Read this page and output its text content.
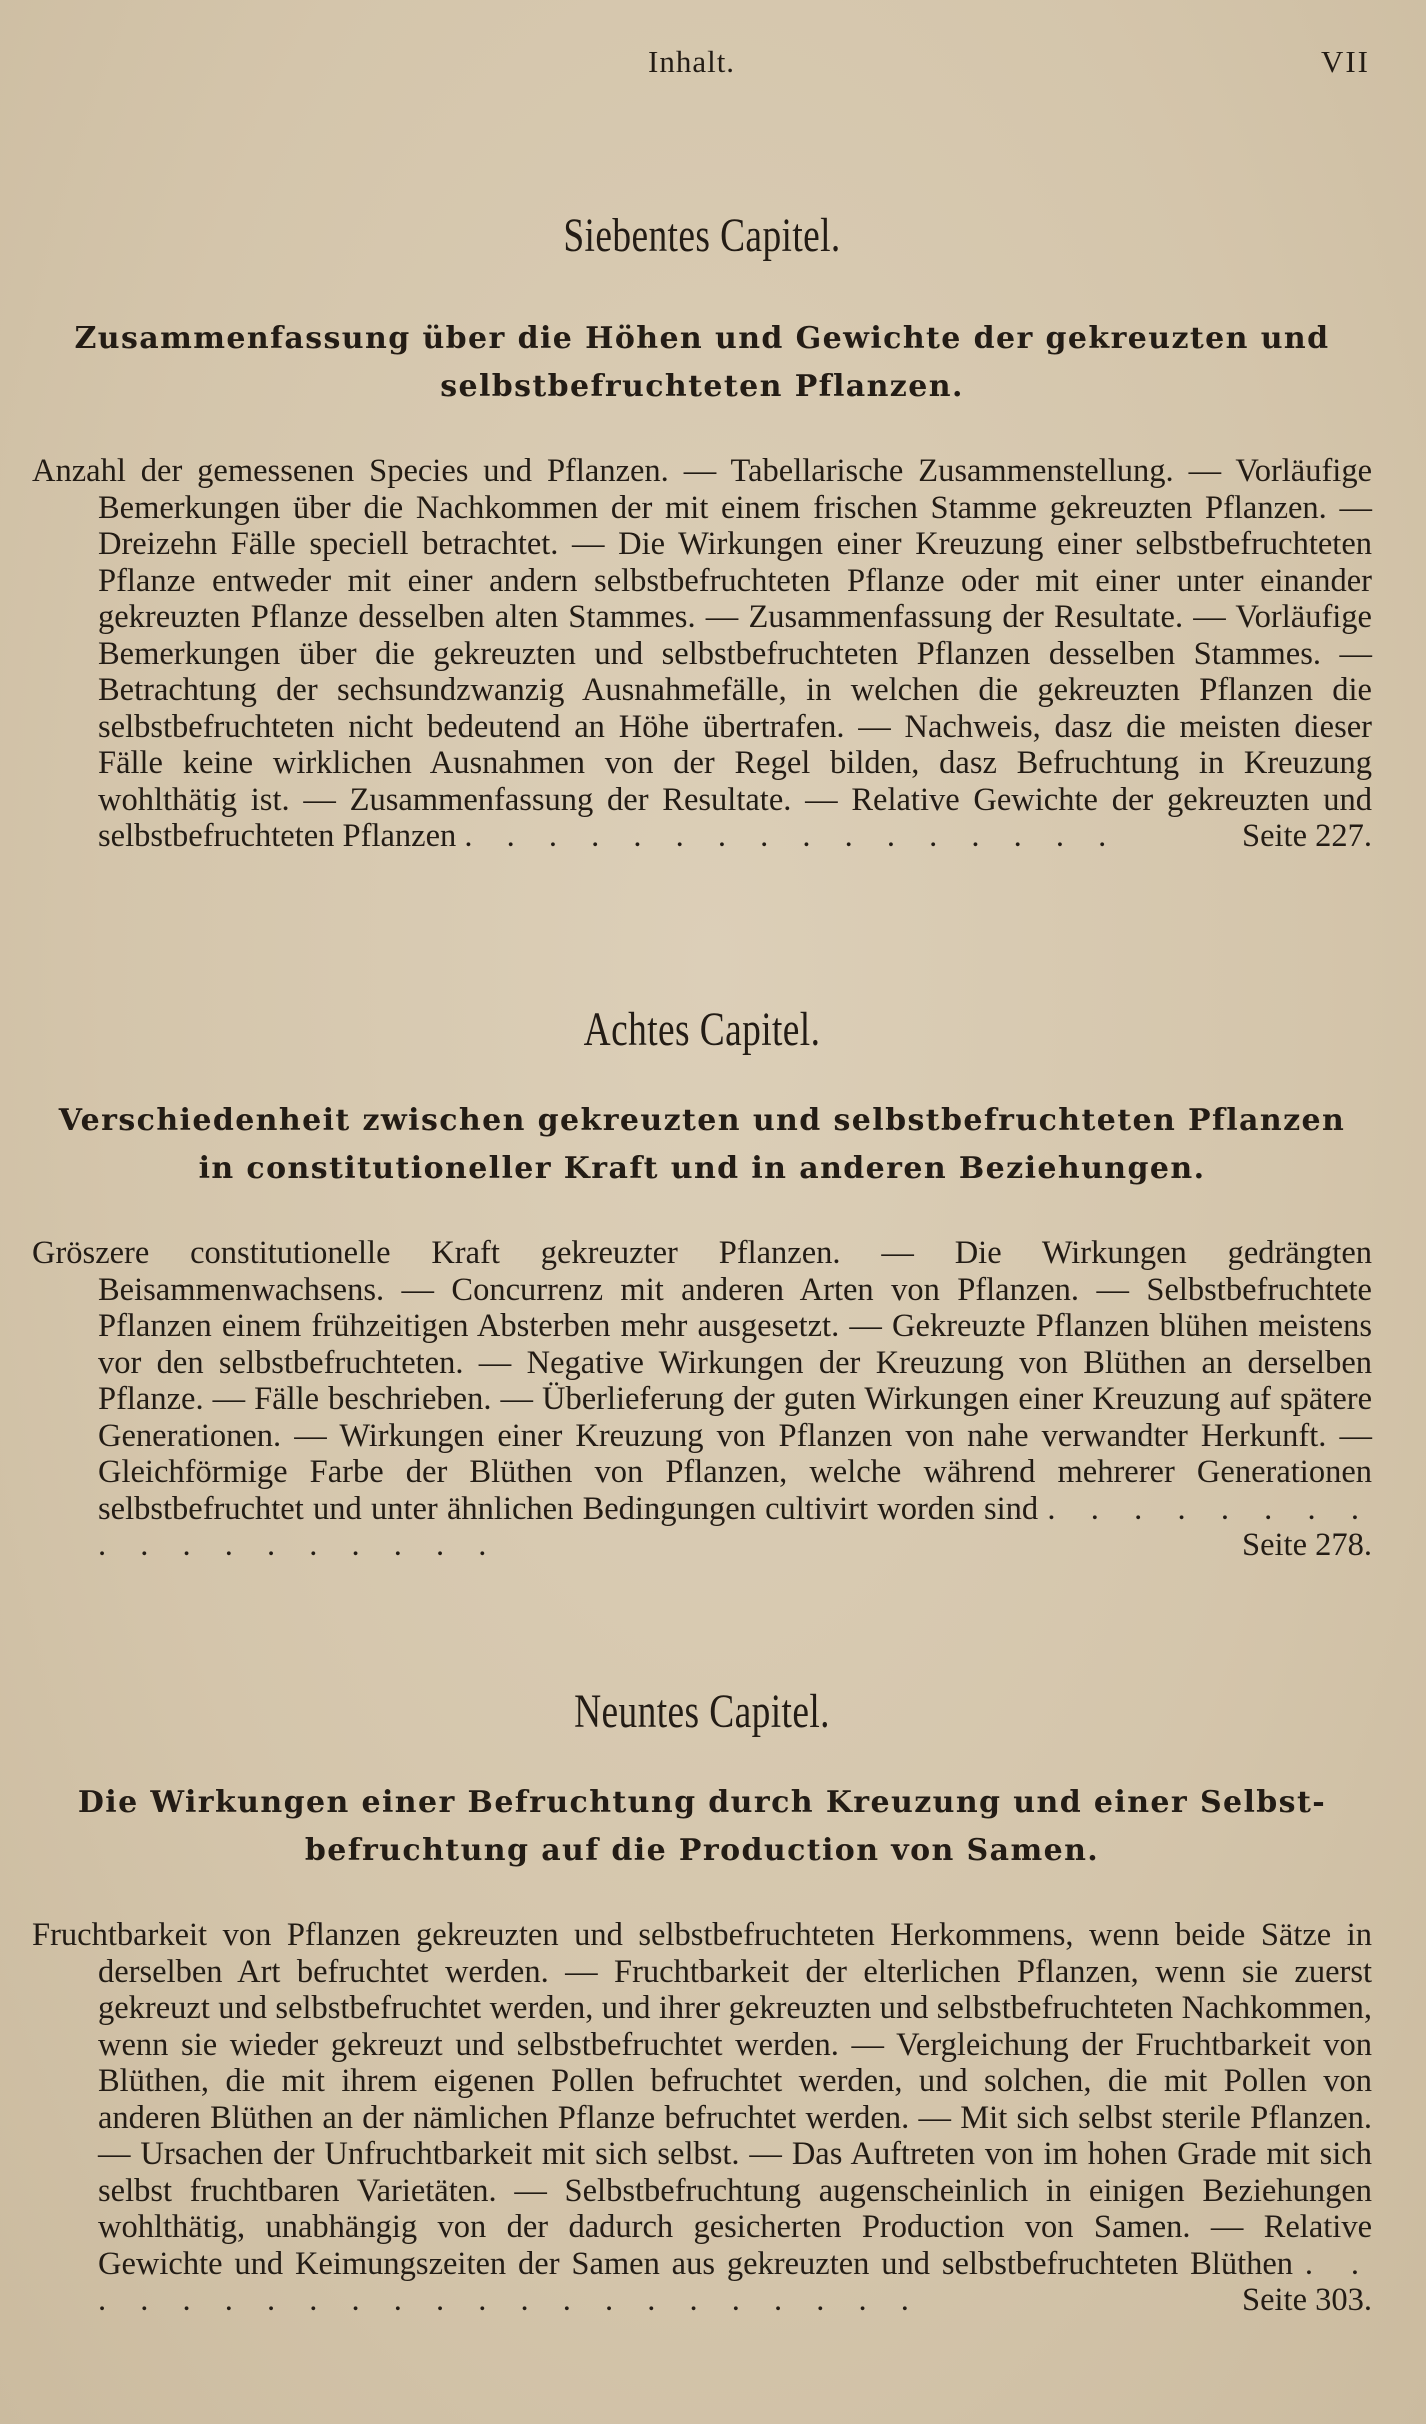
Inhalt.	VII
Siebentes Capitel.

Zusammenfassung über die Höhen und Gewichte der gekreuzten und
selbstbefruchteten Pflanzen.

Anzahl der gemessenen Species und Pflanzen. — Tabellarische Zusammenstellung. — Vorläufige Bemerkungen über die Nachkommen der mit einem frischen Stamme gekreuzten Pflanzen. — Dreizehn Fälle speciell betrachtet. — Die Wirkungen einer Kreuzung einer selbstbefruchteten Pflanze entweder mit einer andern selbstbefruchteten Pflanze oder mit einer unter einander gekreuzten Pflanze desselben alten Stammes. — Zusammenfassung der Resultate. — Vorläufige Bemerkungen über die gekreuzten und selbstbefruchteten Pflanzen desselben Stammes. — Betrachtung der sechsundzwanzig Ausnahmefälle, in welchen die gekreuzten Pflanzen die selbstbefruchteten nicht bedeutend an Höhe übertrafen. — Nachweis, dasz die meisten dieser Fälle keine wirklichen Ausnahmen von der Regel bilden, dasz Befruchtung in Kreuzung wohlthätig ist. — Zusammenfassung der Resultate. — Relative Gewichte der gekreuzten und selbstbefruchteten Pflanzen . . . . . . . . . . . . . . . .	Seite 227.

Achtes Capitel.

Verschiedenheit zwischen gekreuzten und selbstbefruchteten Pflanzen
in constitutioneller Kraft und in anderen Beziehungen.

Gröszere constitutionelle Kraft gekreuzter Pflanzen. — Die Wirkungen gedrängten Beisammenwachsens. — Concurrenz mit anderen Arten von Pflanzen. — Selbstbefruchtete Pflanzen einem frühzeitigen Absterben mehr ausgesetzt. — Gekreuzte Pflanzen blühen meistens vor den selbstbefruchteten. — Negative Wirkungen der Kreuzung von Blüthen an derselben Pflanze. — Fälle beschrieben. — Überlieferung der guten Wirkungen einer Kreuzung auf spätere Generationen. — Wirkungen einer Kreuzung von Pflanzen von nahe verwandter Herkunft. — Gleichförmige Farbe der Blüthen von Pflanzen, welche während mehrerer Generationen selbstbefruchtet und unter ähnlichen Bedingungen cultivirt worden sind . . . . . . . . . . . . . . . . . .	Seite 278.

Neuntes Capitel.

Die Wirkungen einer Befruchtung durch Kreuzung und einer Selbst-
befruchtung auf die Production von Samen.

Fruchtbarkeit von Pflanzen gekreuzten und selbstbefruchteten Herkommens, wenn beide Sätze in derselben Art befruchtet werden. — Fruchtbarkeit der elterlichen Pflanzen, wenn sie zuerst gekreuzt und selbstbefruchtet werden, und ihrer gekreuzten und selbstbefruchteten Nachkommen, wenn sie wieder gekreuzt und selbstbefruchtet werden. — Vergleichung der Fruchtbarkeit von Blüthen, die mit ihrem eigenen Pollen befruchtet werden, und solchen, die mit Pollen von anderen Blüthen an der nämlichen Pflanze befruchtet werden. — Mit sich selbst sterile Pflanzen. — Ursachen der Unfruchtbarkeit mit sich selbst. — Das Auftreten von im hohen Grade mit sich selbst fruchtbaren Varietäten. — Selbstbefruchtung augenscheinlich in einigen Beziehungen wohlthätig, unabhängig von der dadurch gesicherten Production von Samen. — Relative Gewichte und Keimungszeiten der Samen aus gekreuzten und selbstbefruchteten Blüthen . . . . . . . . . . . . . . . . . . . . . .	Seite 303.
